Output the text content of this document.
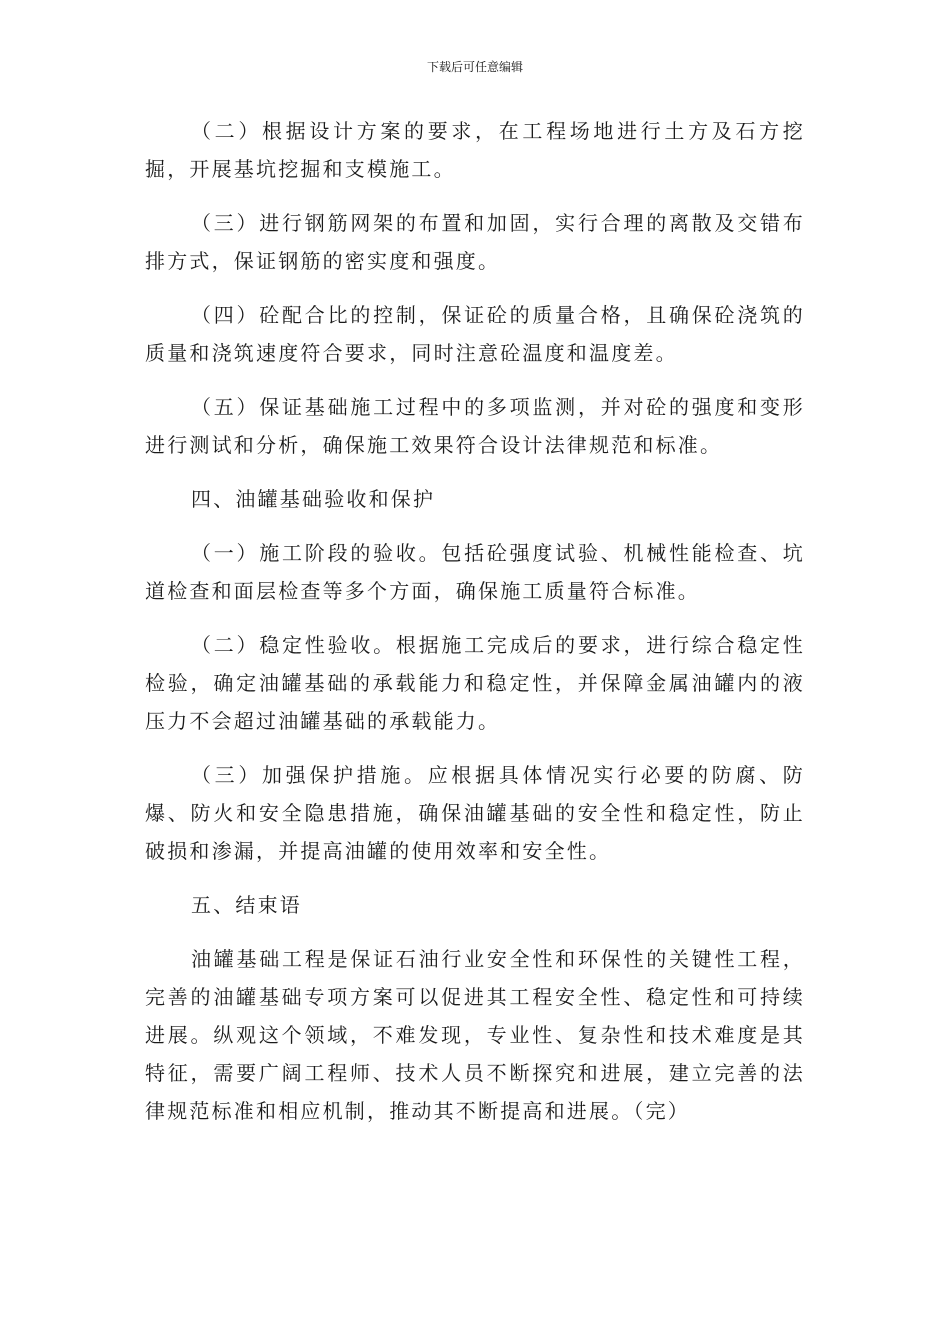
下载后可任意编辑

（二）根据设计方案的要求，在工程场地进行土方及石方挖掘，开展基坑挖掘和支模施工。

（三）进行钢筋网架的布置和加固，实行合理的离散及交错布排方式，保证钢筋的密实度和强度。

（四）砼配合比的控制，保证砼的质量合格，且确保砼浇筑的质量和浇筑速度符合要求，同时注意砼温度和温度差。

（五）保证基础施工过程中的多项监测，并对砼的强度和变形进行测试和分析，确保施工效果符合设计法律规范和标准。

四、油罐基础验收和保护

（一）施工阶段的验收。包括砼强度试验、机械性能检查、坑道检查和面层检查等多个方面，确保施工质量符合标准。

（二）稳定性验收。根据施工完成后的要求，进行综合稳定性检验，确定油罐基础的承载能力和稳定性，并保障金属油罐内的液压力不会超过油罐基础的承载能力。

（三）加强保护措施。应根据具体情况实行必要的防腐、防爆、防火和安全隐患措施，确保油罐基础的安全性和稳定性，防止破损和渗漏，并提高油罐的使用效率和安全性。

五、结束语

油罐基础工程是保证石油行业安全性和环保性的关键性工程，完善的油罐基础专项方案可以促进其工程安全性、稳定性和可持续进展。纵观这个领域，不难发现，专业性、复杂性和技术难度是其特征，需要广阔工程师、技术人员不断探究和进展，建立完善的法律规范标准和相应机制，推动其不断提高和进展。（完）
